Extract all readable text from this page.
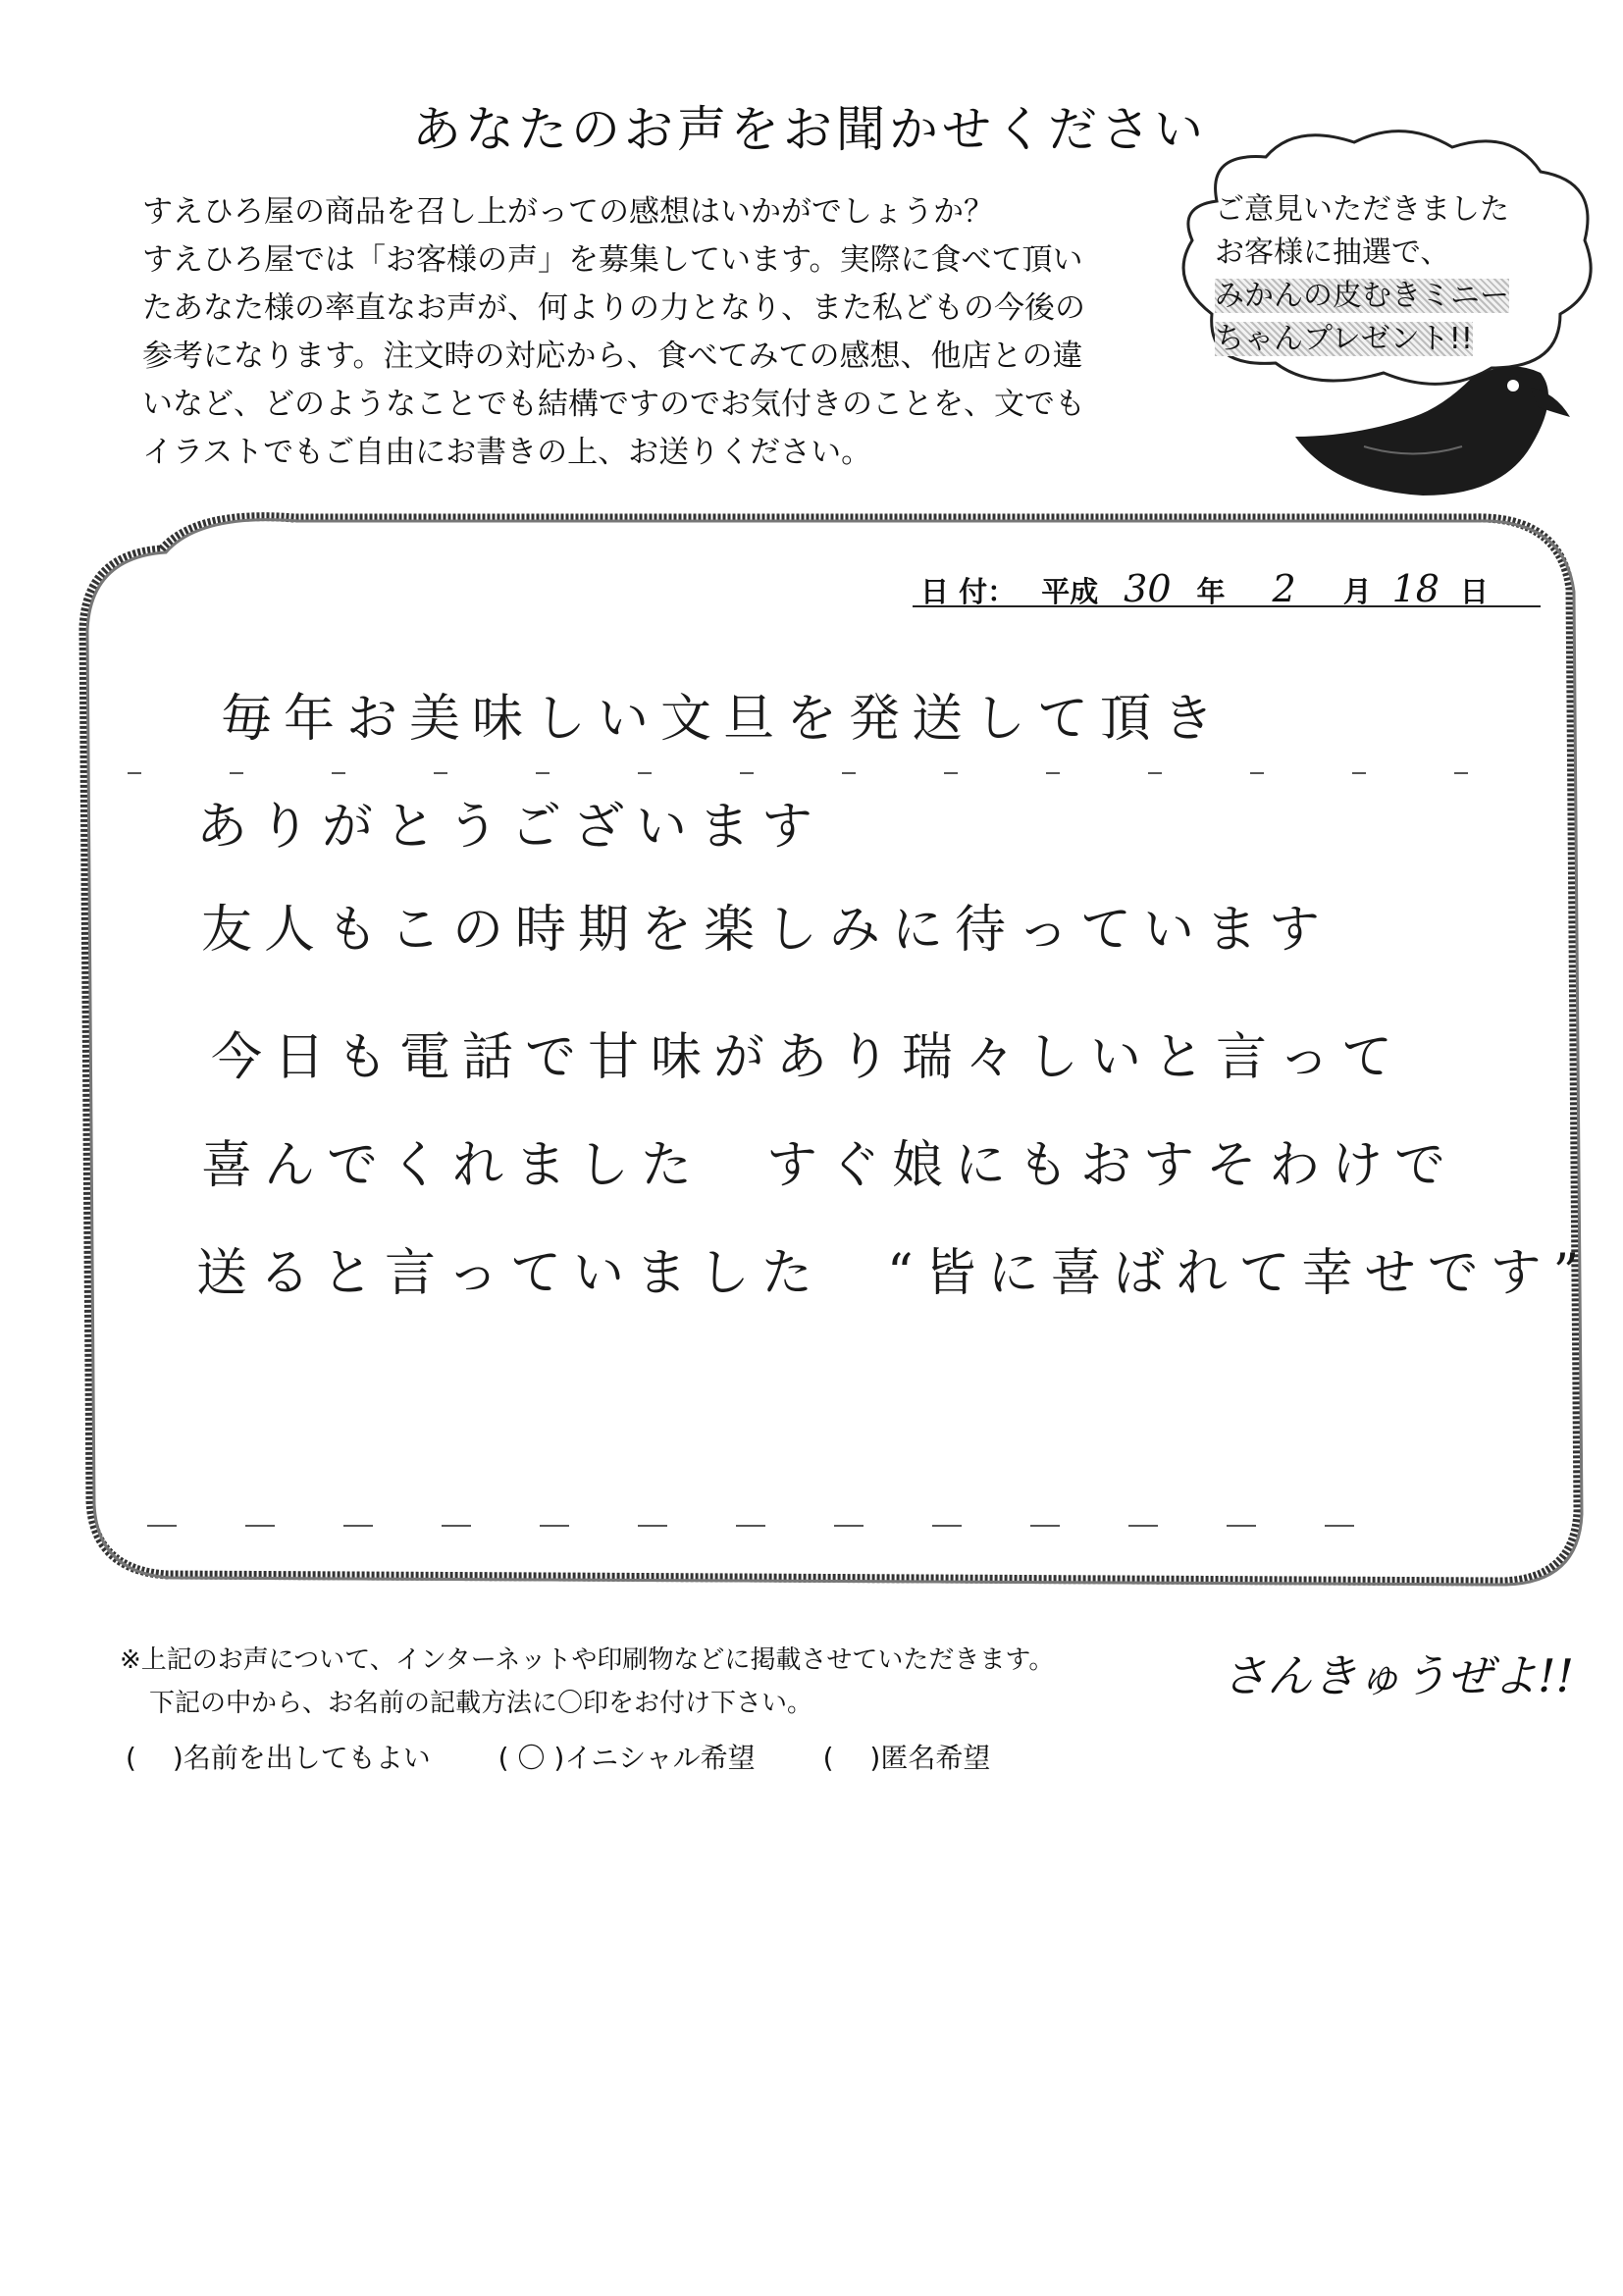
あなたのお声をお聞かせください
すえひろ屋の商品を召し上がっての感想はいかがでしょうか？
すえひろ屋では「お客様の声」を募集しています。実際に食べて頂い
たあなた様の率直なお声が、何よりの力となり、また私どもの今後の
参考になります。注文時の対応から、食べてみての感想、他店との違
いなど、どのようなことでも結構ですのでお気付きのことを、文でも
イラストでもご自由にお書きの上、お送りください。
ご意見いただきました
お客様に抽選で、
みかんの皮むきミニー
ちゃんプレゼント!!
日 付： 平成 30 年 2 月 18 日
毎年お美味しい文旦を発送して頂き
ありがとうございます
友人もこの時期を楽しみに待っています
今日も電話で甘味があり瑞々しいと言って
喜んでくれました　すぐ娘にもおすそわけで
送ると言っていました　“皆に喜ばれて幸せです”
※上記のお声について、インターネットや印刷物などに掲載させていただきます。
下記の中から、お名前の記載方法に〇印をお付け下さい。
( 　)名前を出してもよい ( 〇 )イニシャル希望 ( 　)匿名希望
さんきゅうぜよ!!
